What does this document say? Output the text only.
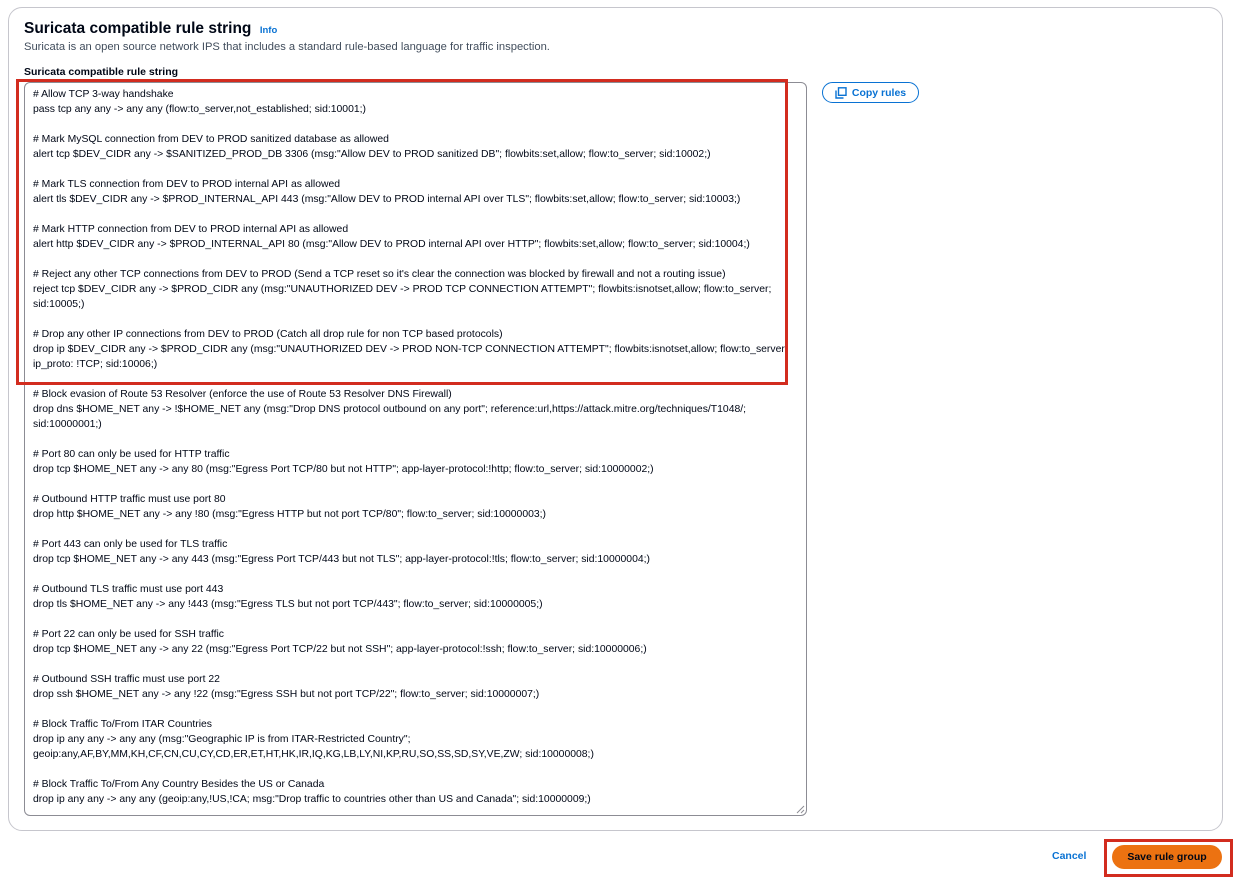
Suricata compatible rule string Info
Suricata is an open source network IPS that includes a standard rule-based language for traffic inspection.
Suricata compatible rule string
# Allow TCP 3-way handshake
pass tcp any any -> any any (flow:to_server,not_established; sid:10001;)
# Mark MySQL connection from DEV to PROD sanitized database as allowed
alert tcp $DEV_CIDR any -> $SANITIZED_PROD_DB 3306 (msg:"Allow DEV to PROD sanitized DB"; flowbits:set,allow; flow:to_server; sid:10002;)
# Mark TLS connection from DEV to PROD internal API as allowed
alert tls $DEV_CIDR any -> $PROD_INTERNAL_API 443 (msg:"Allow DEV to PROD internal API over TLS"; flowbits:set,allow; flow:to_server; sid:10003;)
# Mark HTTP connection from DEV to PROD internal API as allowed
alert http $DEV_CIDR any -> $PROD_INTERNAL_API 80 (msg:"Allow DEV to PROD internal API over HTTP"; flowbits:set,allow; flow:to_server; sid:10004;)
# Reject any other TCP connections from DEV to PROD (Send a TCP reset so it's clear the connection was blocked by firewall and not a routing issue)
reject tcp $DEV_CIDR any -> $PROD_CIDR any (msg:"UNAUTHORIZED DEV -> PROD TCP CONNECTION ATTEMPT"; flowbits:isnotset,allow; flow:to_server;
sid:10005;)
# Drop any other IP connections from DEV to PROD (Catch all drop rule for non TCP based protocols)
drop ip $DEV_CIDR any -> $PROD_CIDR any (msg:"UNAUTHORIZED DEV -> PROD NON-TCP CONNECTION ATTEMPT"; flowbits:isnotset,allow; flow:to_server;
ip_proto: !TCP; sid:10006;)
# Block evasion of Route 53 Resolver (enforce the use of Route 53 Resolver DNS Firewall)
drop dns $HOME_NET any -> !$HOME_NET any (msg:"Drop DNS protocol outbound on any port"; reference:url,https://attack.mitre.org/techniques/T1048/;
sid:10000001;)
# Port 80 can only be used for HTTP traffic
drop tcp $HOME_NET any -> any 80 (msg:"Egress Port TCP/80 but not HTTP"; app-layer-protocol:!http; flow:to_server; sid:10000002;)
# Outbound HTTP traffic must use port 80
drop http $HOME_NET any -> any !80 (msg:"Egress HTTP but not port TCP/80"; flow:to_server; sid:10000003;)
# Port 443 can only be used for TLS traffic
drop tcp $HOME_NET any -> any 443 (msg:"Egress Port TCP/443 but not TLS"; app-layer-protocol:!tls; flow:to_server; sid:10000004;)
# Outbound TLS traffic must use port 443
drop tls $HOME_NET any -> any !443 (msg:"Egress TLS but not port TCP/443"; flow:to_server; sid:10000005;)
# Port 22 can only be used for SSH traffic
drop tcp $HOME_NET any -> any 22 (msg:"Egress Port TCP/22 but not SSH"; app-layer-protocol:!ssh; flow:to_server; sid:10000006;)
# Outbound SSH traffic must use port 22
drop ssh $HOME_NET any -> any !22 (msg:"Egress SSH but not port TCP/22"; flow:to_server; sid:10000007;)
# Block Traffic To/From ITAR Countries
drop ip any any -> any any (msg:"Geographic IP is from ITAR-Restricted Country";
geoip:any,AF,BY,MM,KH,CF,CN,CU,CY,CD,ER,ET,HT,HK,IR,IQ,KG,LB,LY,NI,KP,RU,SO,SS,SD,SY,VE,ZW; sid:10000008;)
# Block Traffic To/From Any Country Besides the US or Canada
drop ip any any -> any any (geoip:any,!US,!CA; msg:"Drop traffic to countries other than US and Canada"; sid:10000009;)
Copy rules
Cancel	Save rule group
